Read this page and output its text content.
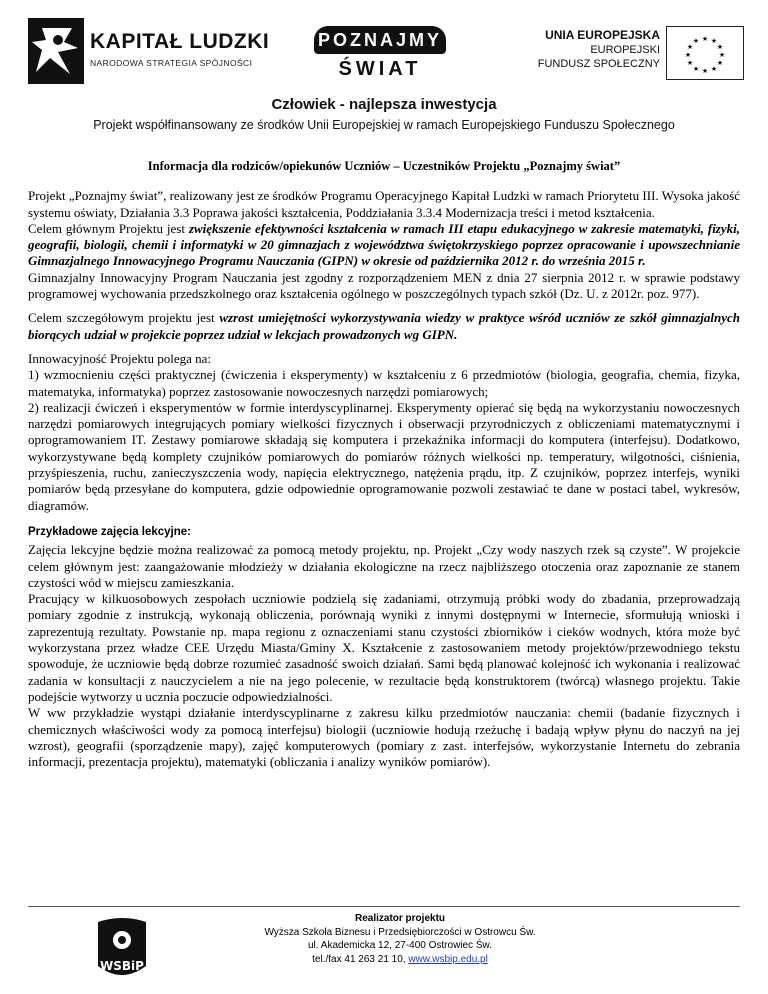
KAPITAŁ LUDZKI
NARODOWA STRATEGIA SPÓJNOŚCI
POZNAJMY
ŚWIAT
UNIA EUROPEJSKA
EUROPEJSKI
FUNDUSZ SPOŁECZNY
★ ★
★
★
★
★
★
★
★
★
★
★
Człowiek - najlepsza inwestycja
Projekt współfinansowany ze środków Unii Europejskiej w ramach Europejskiego Funduszu Społecznego

Informacja dla rodziców/opiekunów Uczniów – Uczestników Projektu „Poznajmy świat”

Projekt „Poznajmy świat”, realizowany jest ze środków Programu Operacyjnego Kapitał Ludzki w ramach Priorytetu III. Wysoka jakość systemu oświaty, Działania 3.3 Poprawa jakości kształcenia, Poddziałania 3.3.4 Modernizacja treści i metod kształcenia.

Celem głównym Projektu jest zwiększenie efektywności kształcenia w ramach III etapu edukacyjnego w zakresie matematyki, fizyki, geografii, biologii, chemii i informatyki w 20 gimnazjach z województwa świętokrzyskiego poprzez opracowanie i upowszechnianie Gimnazjalnego Innowacyjnego Programu Nauczania (GIPN) w okresie od października 2012 r. do września 2015 r.

Gimnazjalny Innowacyjny Program Nauczania jest zgodny z rozporządzeniem MEN z dnia 27 sierpnia 2012 r. w sprawie podstawy programowej wychowania przedszkolnego oraz kształcenia ogólnego w poszczególnych typach szkół (Dz. U. z 2012r. poz. 977).

Celem szczegółowym projektu jest wzrost umiejętności wykorzystywania wiedzy w praktyce wśród uczniów ze szkół gimnazjalnych biorących udział w projekcie poprzez udział w lekcjach prowadzonych wg GIPN.

Innowacyjność Projektu polega na:

1) wzmocnieniu części praktycznej (ćwiczenia i eksperymenty) w kształceniu z 6 przedmiotów (biologia, geografia, chemia, fizyka, matematyka, informatyka) poprzez zastosowanie nowoczesnych narzędzi pomiarowych;

2) realizacji ćwiczeń i eksperymentów w formie interdyscyplinarnej. Eksperymenty opierać się będą na wykorzystaniu nowoczesnych narzędzi pomiarowych integrujących pomiary wielkości fizycznych i obserwacji przyrodniczych z obliczeniami matematycznymi i oprogramowaniem IT. Zestawy pomiarowe składają się komputera i przekaźnika informacji do komputera (interfejsu). Dodatkowo, wykorzystywane będą komplety czujników pomiarowych do pomiarów różnych wielkości np. temperatury, wilgotności, ciśnienia, przyśpieszenia, ruchu, zanieczyszczenia wody, napięcia elektrycznego, natężenia prądu, itp. Z czujników, poprzez interfejs, wyniki pomiarów będą przesyłane do komputera, gdzie odpowiednie oprogramowanie pozwoli zestawiać te dane w postaci tabel, wykresów, diagramów.

Przykładowe zajęcia lekcyjne:

Zajęcia lekcyjne będzie można realizować za pomocą metody projektu, np. Projekt „Czy wody naszych rzek są czyste”. W projekcie celem głównym jest: zaangażowanie młodzieży w działania ekologiczne na rzecz najbliższego otoczenia oraz zapoznanie ze stanem czystości wód w miejscu zamieszkania.

Pracujący w kilkuosobowych zespołach uczniowie podzielą się zadaniami, otrzymują próbki wody do zbadania, przeprowadzają pomiary zgodnie z instrukcją, wykonają obliczenia, porównają wyniki z innymi dostępnymi w Internecie, sformułują wnioski i zaprezentują rezultaty. Powstanie np. mapa regionu z oznaczeniami stanu czystości zbiorników i cieków wodnych, która może być wykorzystana przez władze CEE Urzędu Miasta/Gminy X. Kształcenie z zastosowaniem metody projektów/przewodniego tekstu spowoduje, że uczniowie będą dobrze rozumieć zasadność swoich działań. Sami będą planować kolejność ich wykonania i realizować zadania w konsultacji z nauczycielem a nie na jego polecenie, w rezultacie będą konstruktorem (twórcą) własnego projektu. Takie podejście wytworzy u ucznia poczucie odpowiedzialności.

W ww przykładzie wystąpi działanie interdyscyplinarne z zakresu kilku przedmiotów nauczania: chemii (badanie fizycznych i chemicznych właściwości wody za pomocą interfejsu) biologii (uczniowie hodują rzeżuchę i badają wpływ płynu do naczyń na jej wzrost), geografii (sporządzenie mapy), zajęć komputerowych (pomiary z zast. interfejsów, wykorzystanie Internetu do zebrania informacji, prezentacja projektu), matematyki (obliczania i analizy wyników pomiarów).

WSBiP
Realizator projektu
Wyższa Szkoła Biznesu i Przedsiębiorczości w Ostrowcu Św.
ul. Akademicka 12, 27-400 Ostrowiec Św.
tel./fax 41 263 21 10, www.wsbip.edu.pl
